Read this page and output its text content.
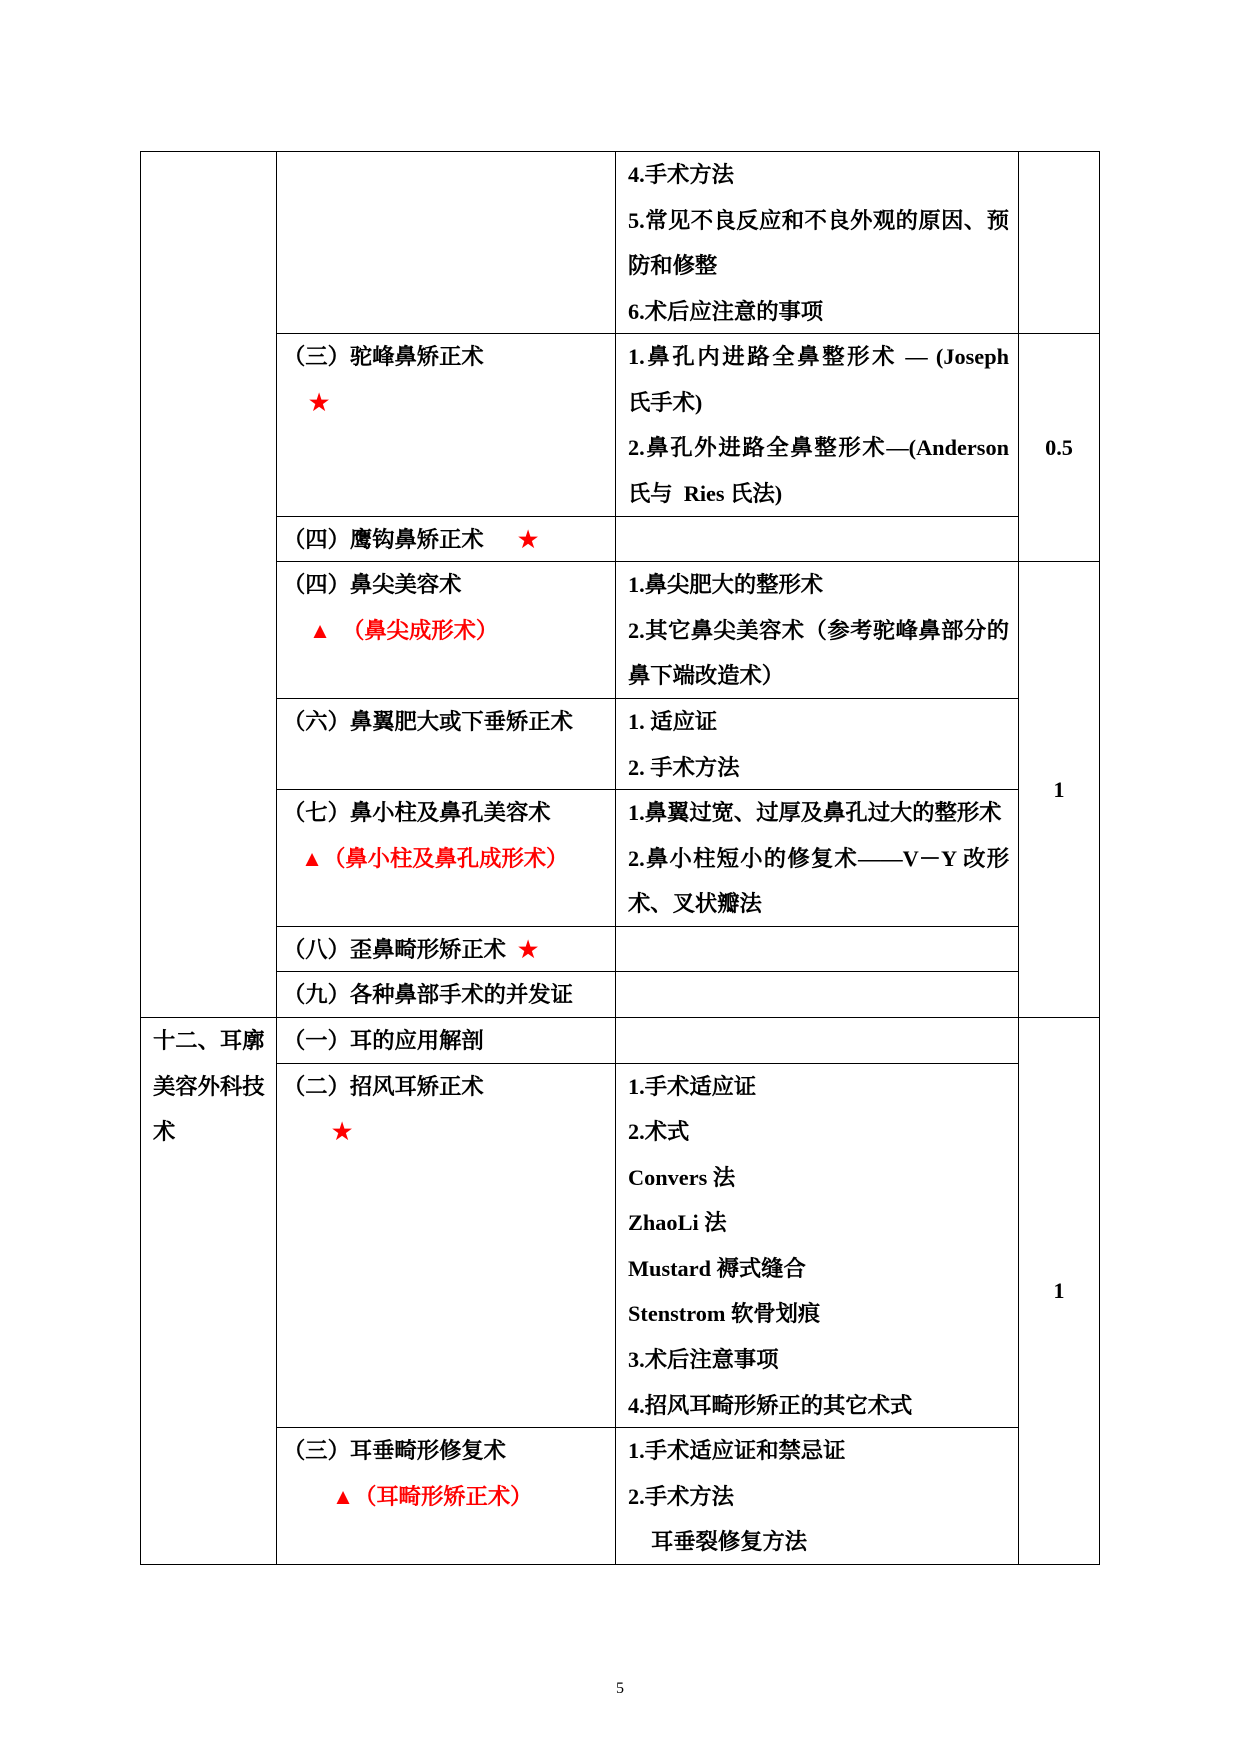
十二、耳廓
美容外科技
术
4.手术方法
5.常见不良反应和不良外观的原因、预
防和修整
6.术后应注意的事项
（三）驼峰鼻矫正术
★
1.鼻孔内进路全鼻整形术 — (Joseph
氏手术)
2.鼻孔外进路全鼻整形术—(Anderson
氏与  Ries 氏法)
（四）鹰钩鼻矫正术 ★
（四）鼻尖美容术
▲ （鼻尖成形术）
1.鼻尖肥大的整形术
2.其它鼻尖美容术（参考驼峰鼻部分的
鼻下端改造术）
（六）鼻翼肥大或下垂矫正术	1. 适应证
2. 手术方法
（七）鼻小柱及鼻孔美容术
▲（鼻小柱及鼻孔成形术）
1.鼻翼过宽、过厚及鼻孔过大的整形术
2.鼻小柱短小的修复术——V－Y 改形
术、叉状瓣法
（八）歪鼻畸形矫正术 ★
（九）各种鼻部手术的并发证
（一）耳的应用解剖
（二）招风耳矫正术
★
1.手术适应证
2.术式
Convers 法
ZhaoLi 法
Mustard 褥式缝合
Stenstrom 软骨划痕
3.术后注意事项
4.招风耳畸形矫正的其它术式
（三）耳垂畸形修复术
▲（耳畸形矫正术）
1.手术适应证和禁忌证
2.手术方法
耳垂裂修复方法
0.5
1
1
5
